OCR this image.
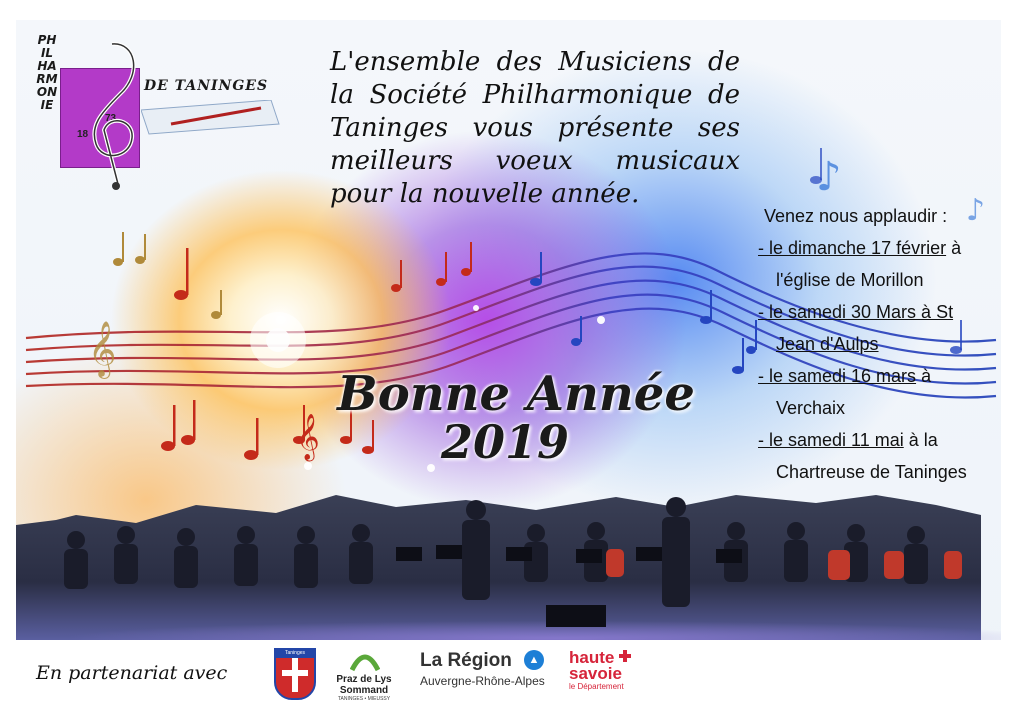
𝄞
𝄞
♪
♪
18
73
PHILHARMONIE
DE TANINGES
L'ensemble des Musiciens de la Société Philharmonique de Taninges vous présente ses meilleurs voeux musicaux pour la nouvelle année.
Bonne Année
2019
Venez nous applaudir :
- le dimanche 17 février à
l'église de Morillon
- le samedi 30 Mars à St
Jean d'Aulps
- le samedi 16 mars à
Verchaix
- le samedi 11 mai à la
Chartreuse de Taninges
En partenariat avec
Taninges
Praz de Lys
Sommand
TANINGES • MIEUSSY
La Région	▲
Auvergne-Rhône-Alpes
haute
savoie
le Département
